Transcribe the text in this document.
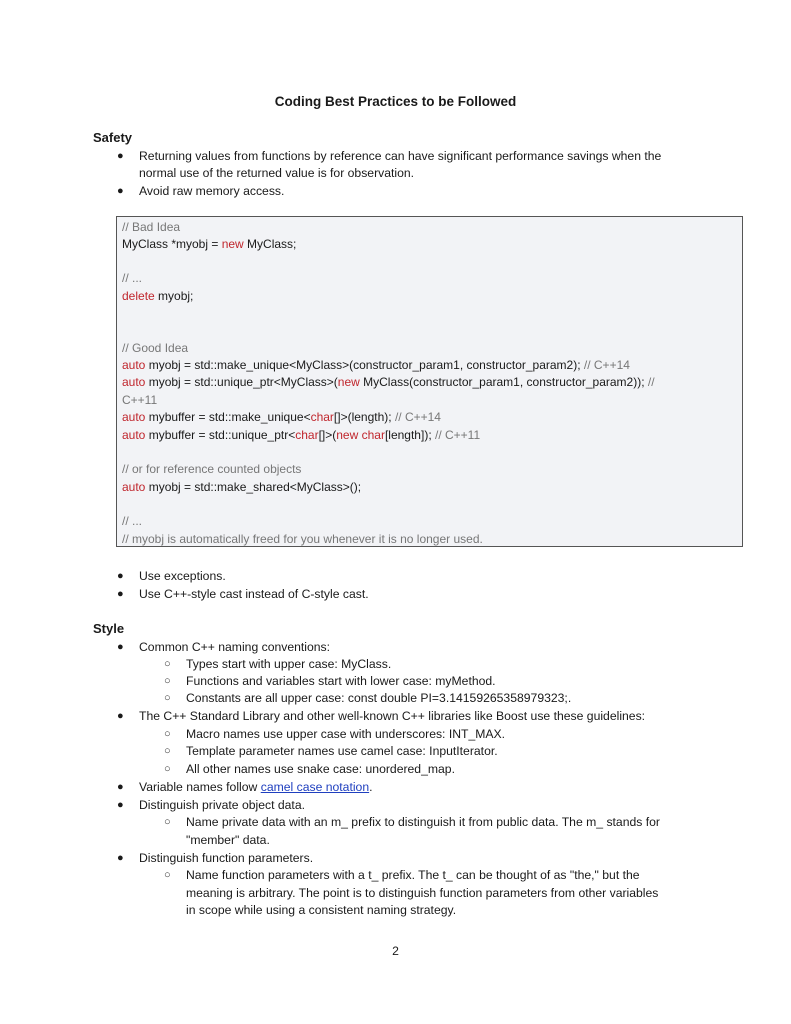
Coding Best Practices to be Followed
Safety
● Returning values from functions by reference can have significant performance savings when the
normal use of the returned value is for observation.
● Avoid raw memory access.
// Bad Idea
MyClass *myobj = new MyClass;
// ...
delete myobj;
// Good Idea
auto myobj = std::make_unique<MyClass>(constructor_param1, constructor_param2); // C++14
auto myobj = std::unique_ptr<MyClass>(new MyClass(constructor_param1, constructor_param2)); //
C++11
auto mybuffer = std::make_unique<char[]>(length); // C++14
auto mybuffer = std::unique_ptr<char[]>(new char[length]); // C++11
// or for reference counted objects
auto myobj = std::make_shared<MyClass>();
// ...
// myobj is automatically freed for you whenever it is no longer used.
● Use exceptions.
● Use C++-style cast instead of C-style cast.
Style
● Common C++ naming conventions:
○ Types start with upper case: MyClass.
○ Functions and variables start with lower case: myMethod.
○ Constants are all upper case: const double PI=3.14159265358979323;.
● The C++ Standard Library and other well-known C++ libraries like Boost use these guidelines:
○ Macro names use upper case with underscores: INT_MAX.
○ Template parameter names use camel case: InputIterator.
○ All other names use snake case: unordered_map.
● Variable names follow camel case notation.
● Distinguish private object data.
○ Name private data with an m_ prefix to distinguish it from public data. The m_ stands for
"member" data.
● Distinguish function parameters.
○ Name function parameters with a t_ prefix. The t_ can be thought of as "the," but the
meaning is arbitrary. The point is to distinguish function parameters from other variables
in scope while using a consistent naming strategy.
2
